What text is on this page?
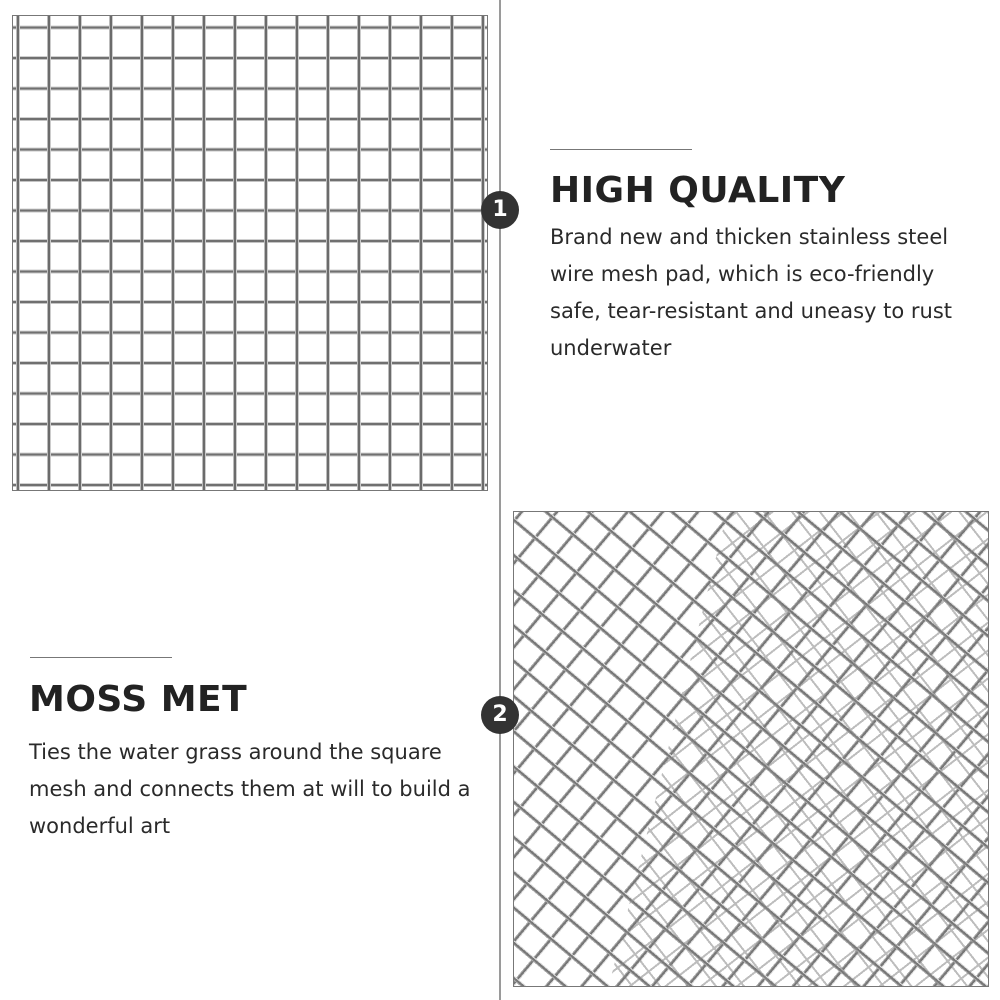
1
2
HIGH QUALITY
Brand new and thicken stainless steel wire mesh pad, which is eco-friendly safe, tear-resistant and uneasy to rust underwater
MOSS MET
Ties the water grass around the square mesh and connects them at will to build a wonderful art
